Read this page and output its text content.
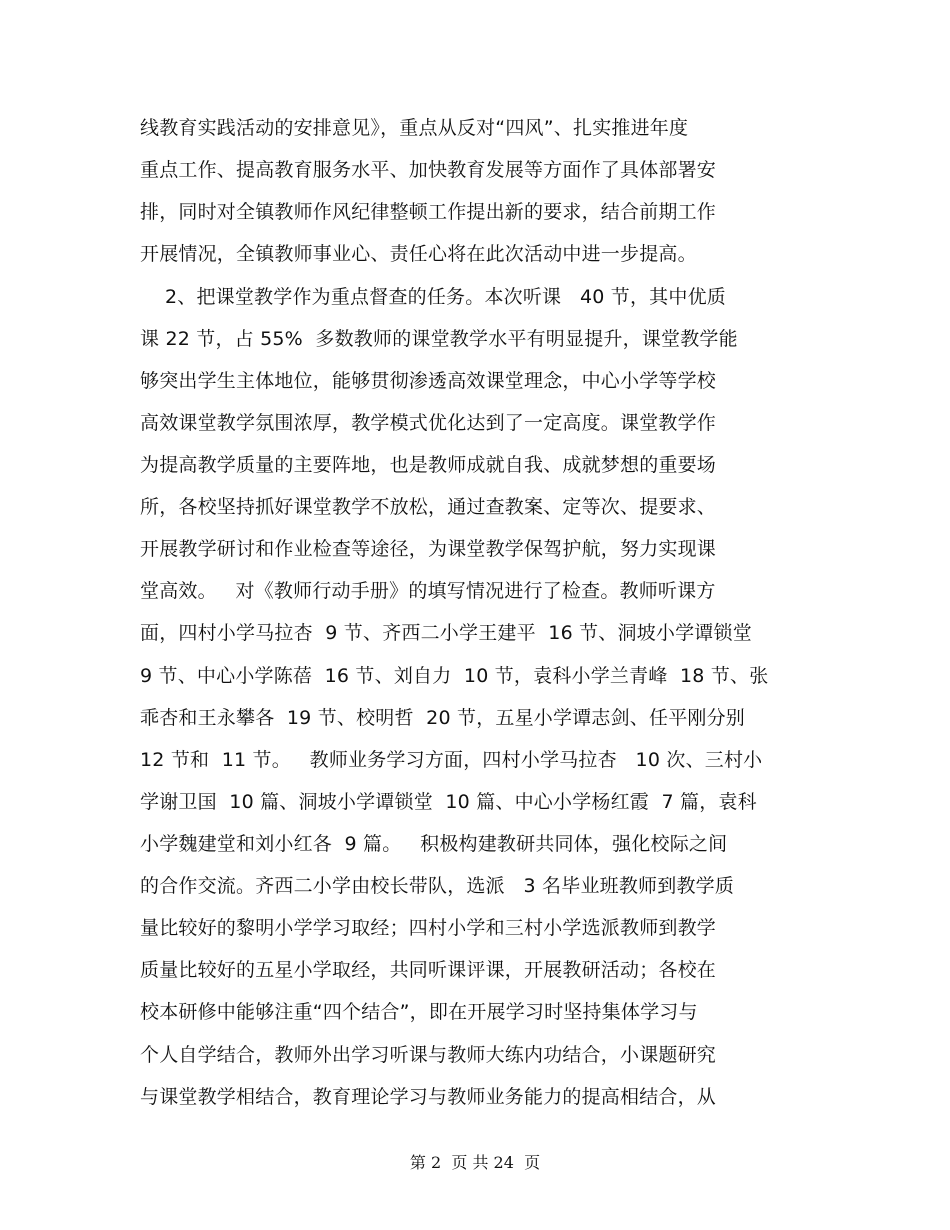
线教育实践活动的安排意见》，重点从反对“四风”、扎实推进年度
重点工作、提高教育服务水平、加快教育发展等方面作了具体部署安
排，同时对全镇教师作风纪律整顿工作提出新的要求，结合前期工作
开展情况，全镇教师事业心、责任心将在此次活动中进一步提高。
2、把课堂教学作为重点督查的任务。本次听课   40 节，其中优质
课 22 节，占 55%  多数教师的课堂教学水平有明显提升，课堂教学能
够突出学生主体地位，能够贯彻渗透高效课堂理念，中心小学等学校
高效课堂教学氛围浓厚，教学模式优化达到了一定高度。课堂教学作
为提高教学质量的主要阵地，也是教师成就自我、成就梦想的重要场
所，各校坚持抓好课堂教学不放松，通过查教案、定等次、提要求、
开展教学研讨和作业检查等途径，为课堂教学保驾护航，努力实现课
堂高效。   对《教师行动手册》的填写情况进行了检查。教师听课方
面，四村小学马拉杏  9 节、齐西二小学王建平  16 节、洞坡小学谭锁堂
9 节、中心小学陈蓓  16 节、刘自力  10 节，袁科小学兰青峰  18 节、张
乖杏和王永攀各  19 节、校明哲  20 节，五星小学谭志剑、任平刚分别
12 节和  11 节。   教师业务学习方面，四村小学马拉杏   10 次、三村小
学谢卫国  10 篇、洞坡小学谭锁堂  10 篇、中心小学杨红霞  7 篇，袁科
小学魏建堂和刘小红各  9 篇。   积极构建教研共同体，强化校际之间
的合作交流。齐西二小学由校长带队，选派   3 名毕业班教师到教学质
量比较好的黎明小学学习取经；四村小学和三村小学选派教师到教学
质量比较好的五星小学取经，共同听课评课，开展教研活动；各校在
校本研修中能够注重“四个结合”，即在开展学习时坚持集体学习与
个人自学结合，教师外出学习听课与教师大练内功结合，小课题研究
与课堂教学相结合，教育理论学习与教师业务能力的提高相结合，从
第 2  页 共 24  页
